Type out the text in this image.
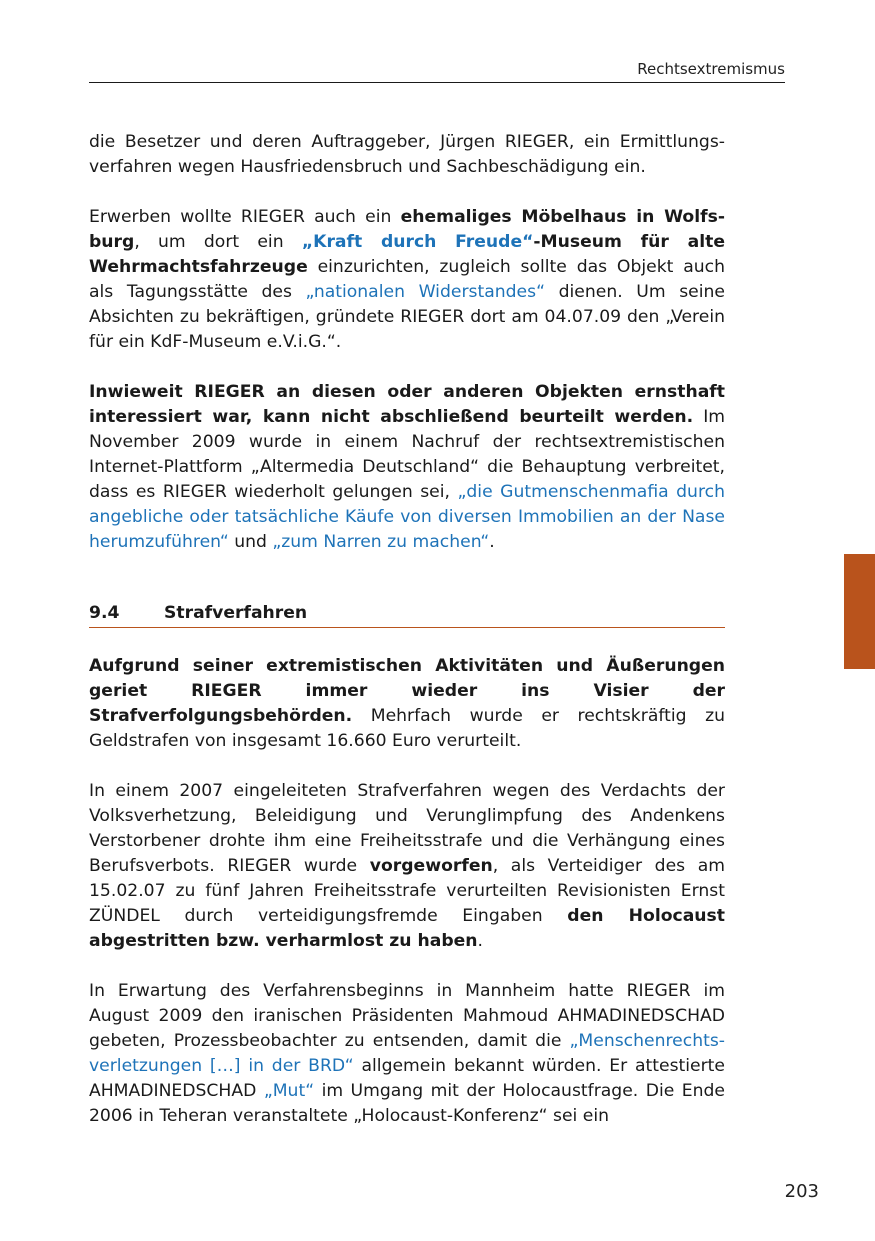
Rechtsextremismus

die Besetzer und deren Auftraggeber, Jürgen RIEGER, ein Ermittlungsverfahren wegen Hausfriedensbruch und Sachbeschädigung ein.

Erwerben wollte RIEGER auch ein ehemaliges Möbelhaus in Wolfsburg, um dort ein „Kraft durch Freude“-Museum für alte Wehrmachtsfahrzeuge einzurichten, zugleich sollte das Objekt auch als Tagungsstätte des „nationalen Widerstandes“ dienen. Um seine Absichten zu bekräftigen, gründete RIEGER dort am 04.07.09 den „Verein für ein KdF-Museum e.V.i.G.“.

Inwieweit RIEGER an diesen oder anderen Objekten ernsthaft interessiert war, kann nicht abschließend beurteilt werden. Im November 2009 wurde in einem Nachruf der rechtsextremistischen Internet-Plattform „Altermedia Deutschland“ die Behauptung verbreitet, dass es RIEGER wiederholt gelungen sei, „die Gutmenschenmafia durch angebliche oder tatsächliche Käufe von diversen Immobilien an der Nase herumzuführen“ und „zum Narren zu machen“.

9.4	Strafverfahren

Aufgrund seiner extremistischen Aktivitäten und Äußerungen geriet RIEGER immer wieder ins Visier der Strafverfolgungsbehörden. Mehrfach wurde er rechtskräftig zu Geldstrafen von insgesamt 16.660 Euro verurteilt.

In einem 2007 eingeleiteten Strafverfahren wegen des Verdachts der Volksverhetzung, Beleidigung und Verunglimpfung des Andenkens Verstorbener drohte ihm eine Freiheitsstrafe und die Verhängung eines Berufsverbots. RIEGER wurde vorgeworfen, als Verteidiger des am 15.02.07 zu fünf Jahren Freiheitsstrafe verurteilten Revisionisten Ernst ZÜNDEL durch verteidigungsfremde Eingaben den Holocaust abgestritten bzw. verharmlost zu haben.

In Erwartung des Verfahrensbeginns in Mannheim hatte RIEGER im August 2009 den iranischen Präsidenten Mahmoud AHMADINEDSCHAD gebeten, Prozessbeobachter zu entsenden, damit die „Menschenrechtsverletzungen […] in der BRD“ allgemein bekannt würden. Er attestierte AHMADINEDSCHAD „Mut“ im Umgang mit der Holocaustfrage. Die Ende 2006 in Teheran veranstaltete „Holocaust-Konferenz“ sei ein

203
